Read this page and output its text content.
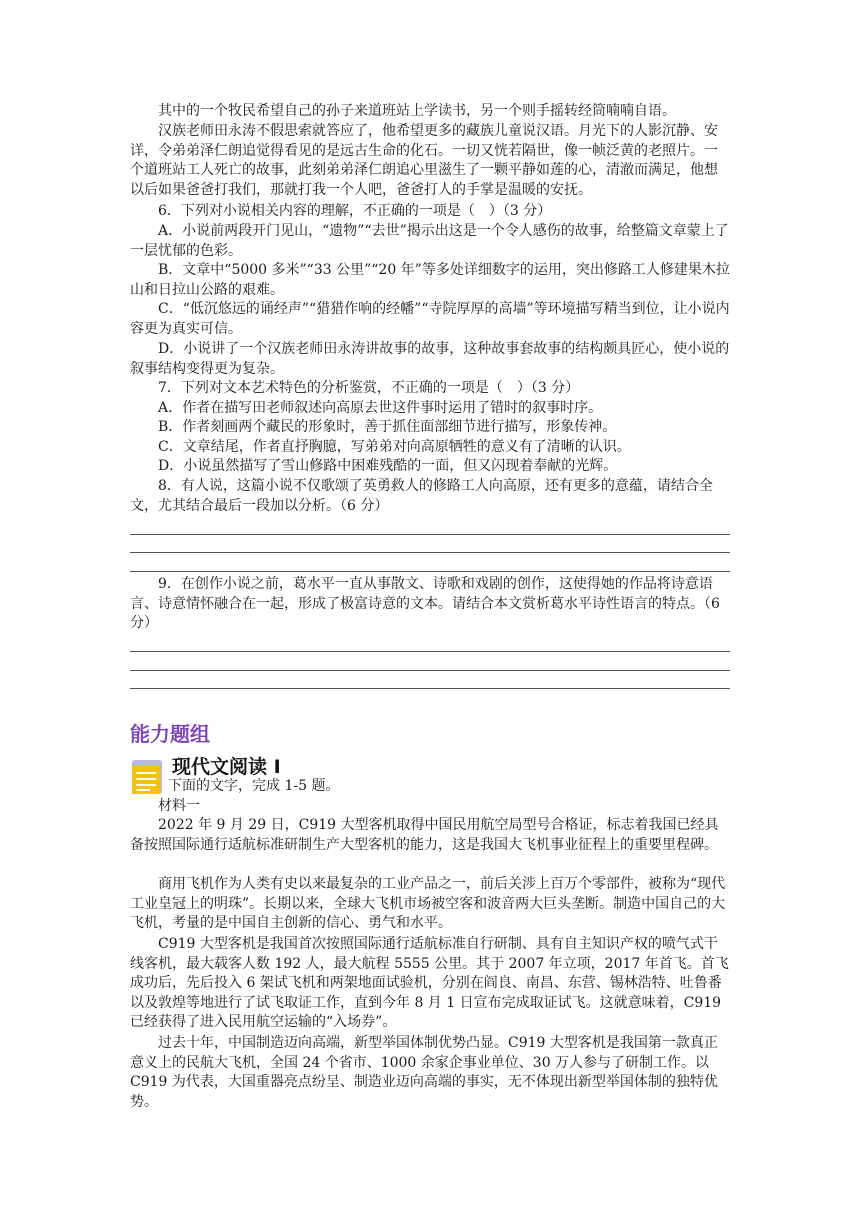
其中的一个牧民希望自己的孙子来道班站上学读书，另一个则手摇转经筒喃喃自语。

汉族老师田永涛不假思索就答应了，他希望更多的藏族儿童说汉语。月光下的人影沉静、安详，令弟弟泽仁朗追觉得看见的是远古生命的化石。一切又恍若隔世，像一帧泛黄的老照片。一个道班站工人死亡的故事，此刻弟弟泽仁朗追心里滋生了一颗平静如莲的心，清澈而满足，他想以后如果爸爸打我们，那就打我一个人吧，爸爸打人的手掌是温暖的安抚。

6．下列对小说相关内容的理解，不正确的一项是（　）（3 分）

A．小说前两段开门见山，“遗物”“去世”揭示出这是一个令人感伤的故事，给整篇文章蒙上了一层忧郁的色彩。

B．文章中“5000 多米”“33 公里”“20 年”等多处详细数字的运用，突出修路工人修建果木拉山和日拉山公路的艰难。

C．“低沉悠远的诵经声”“猎猎作响的经幡”“寺院厚厚的高墙”等环境描写精当到位，让小说内容更为真实可信。

D．小说讲了一个汉族老师田永涛讲故事的故事，这种故事套故事的结构颇具匠心，使小说的叙事结构变得更为复杂。

7．下列对文本艺术特色的分析鉴赏，不正确的一项是（　）（3 分）

A．作者在描写田老师叙述向高原去世这件事时运用了错时的叙事时序。

B．作者刻画两个藏民的形象时，善于抓住面部细节进行描写，形象传神。

C．文章结尾，作者直抒胸臆，写弟弟对向高原牺牲的意义有了清晰的认识。

D．小说虽然描写了雪山修路中困难残酷的一面，但又闪现着奉献的光辉。

8．有人说，这篇小说不仅歌颂了英勇救人的修路工人向高原，还有更多的意蕴，请结合全文，尤其结合最后一段加以分析。（6 分）

9．在创作小说之前，葛水平一直从事散文、诗歌和戏剧的创作，这使得她的作品将诗意语言、诗意情怀融合在一起，形成了极富诗意的文本。请结合本文赏析葛水平诗性语言的特点。（6 分）

能力题组
现代文阅读 I

下面的文字，完成 1-5 题。

材料一

2022 年 9 月 29 日，C919 大型客机取得中国民用航空局型号合格证，标志着我国已经具备按照国际通行适航标准研制生产大型客机的能力，这是我国大飞机事业征程上的重要里程碑。

商用飞机作为人类有史以来最复杂的工业产品之一，前后关涉上百万个零部件，被称为“现代工业皇冠上的明珠”。长期以来，全球大飞机市场被空客和波音两大巨头垄断。制造中国自己的大飞机，考量的是中国自主创新的信心、勇气和水平。

C919 大型客机是我国首次按照国际通行适航标准自行研制、具有自主知识产权的喷气式干线客机，最大载客人数 192 人，最大航程 5555 公里。其于 2007 年立项，2017 年首飞。首飞成功后，先后投入 6 架试飞机和两架地面试验机，分别在阎良、南昌、东营、锡林浩特、吐鲁番以及敦煌等地进行了试飞取证工作，直到今年 8 月 1 日宣布完成取证试飞。这就意味着，C919 已经获得了进入民用航空运输的“入场券”。

过去十年，中国制造迈向高端，新型举国体制优势凸显。C919 大型客机是我国第一款真正意义上的民航大飞机，全国 24 个省市、1000 余家企事业单位、30 万人参与了研制工作。以 C919 为代表，大国重器亮点纷呈、制造业迈向高端的事实，无不体现出新型举国体制的独特优势。
